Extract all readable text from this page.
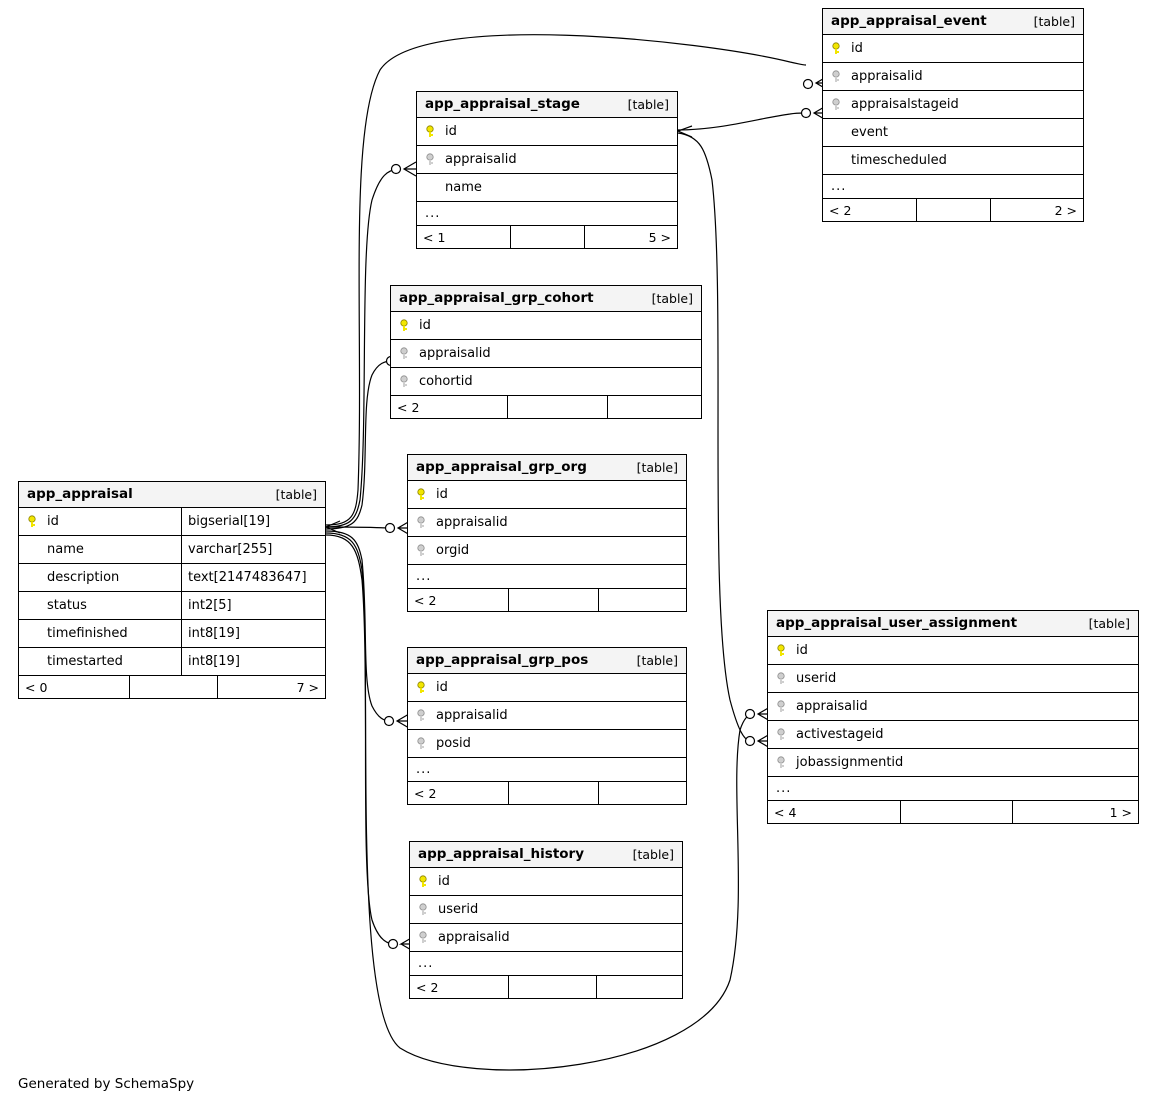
app_appraisal	[table]
id	bigserial[19]
name	varchar[255]
description	text[2147483647]
status	int2[5]
timefinished	int8[19]
timestarted	int8[19]
< 0	7 >
app_appraisal_stage	[table]
id
appraisalid
name
...
< 1	5 >
app_appraisal_event	[table]
id
appraisalid
appraisalstageid
event
timescheduled
...
< 2	2 >
app_appraisal_grp_cohort	[table]
id
appraisalid
cohortid
< 2
app_appraisal_grp_org	[table]
id
appraisalid
orgid
...
< 2
app_appraisal_grp_pos	[table]
id
appraisalid
posid
...
< 2
app_appraisal_history	[table]
id
userid
appraisalid
...
< 2
app_appraisal_user_assignment	[table]
id
userid
appraisalid
activestageid
jobassignmentid
...
< 4	1 >
Generated by SchemaSpy
